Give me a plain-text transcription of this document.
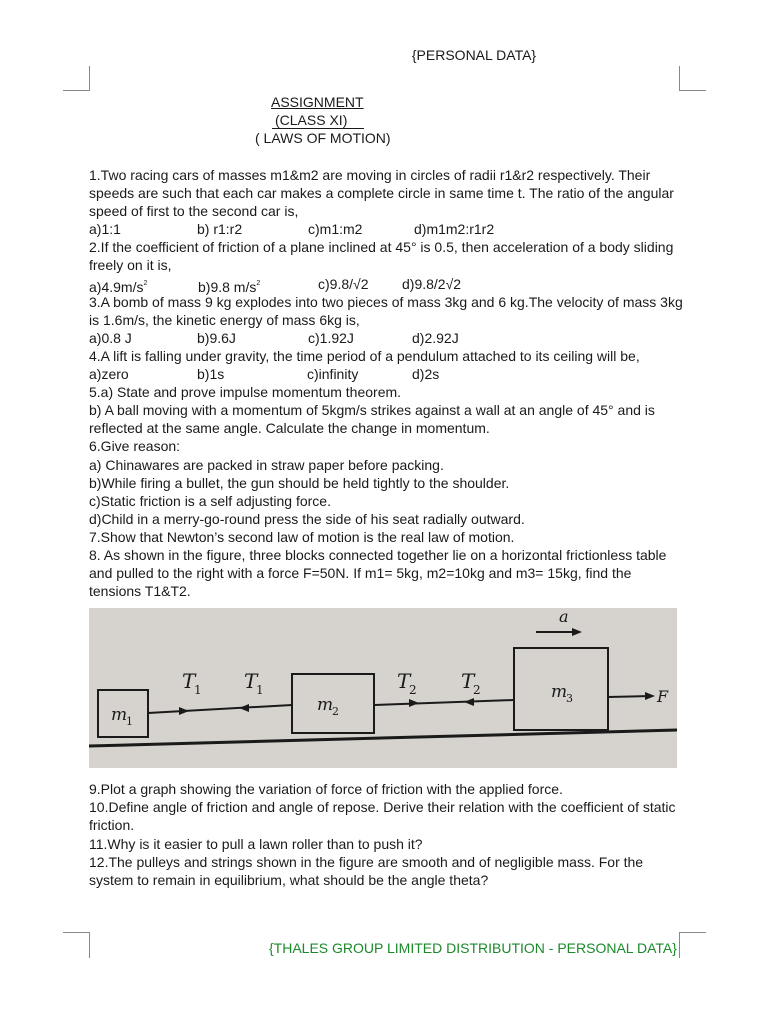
{PERSONAL DATA}
ASSIGNMENT
(CLASS XI)
( LAWS OF MOTION)

1.Two racing cars of masses m1&m2 are moving in circles of radii r1&r2 respectively. Their speeds are such that each car makes a complete circle in same time t. The ratio of the angular speed of first to the second car is,

a)1:1	b) r1:r2	c)m1:m2	d)m1m2:r1r2

2.If the coefficient of friction of a plane inclined at 45° is 0.5, then acceleration of a body sliding freely on it is,

$a)4.9m/s^2$	b)9.8 $m/s^2$	c)9.8/√2 d)9.8/2√2

3.A bomb of mass 9 kg explodes into two pieces of mass 3kg and 6 kg.The velocity of mass 3kg is 1.6m/s, the kinetic energy of mass 6kg is,

a)0.8 J	b)9.6J	c)1.92J	d)2.92J

4.A lift is falling under gravity, the time period of a pendulum attached to its ceiling will be,

a)zero	b)1s	c)infinity	d)2s

5.a) State and prove impulse momentum theorem.

b) A ball moving with a momentum of 5kgm/s strikes against a wall at an angle of 45° and is reflected at the same angle. Calculate the change in momentum.

6.Give reason:

a) Chinawares are packed in straw paper before packing.

b)While firing a bullet, the gun should be held tightly to the shoulder.

c)Static friction is a self adjusting force.

d)Child in a merry-go-round press the side of his seat radially outward.

7.Show that Newton’s second law of motion is the real law of motion.

8. As shown in the figure, three blocks connected together lie on a horizontal frictionless table and pulled to the right with a force F=50N. If m1= 5kg, m2=10kg and m3= 15kg, find the tensions T1&T2.

a
T
1 T
1	T
2 T
2
m
1
m
2
m
3	F

9.Plot a graph showing the variation of force of friction with the applied force.

10.Define angle of friction and angle of repose. Derive their relation with the coefficient of static friction.

11.Why is it easier to pull a lawn roller than to push it?

12.The pulleys and strings shown in the figure are smooth and of negligible mass. For the system to remain in equilibrium, what should be the angle theta?

{THALES GROUP LIMITED DISTRIBUTION - PERSONAL DATA}
